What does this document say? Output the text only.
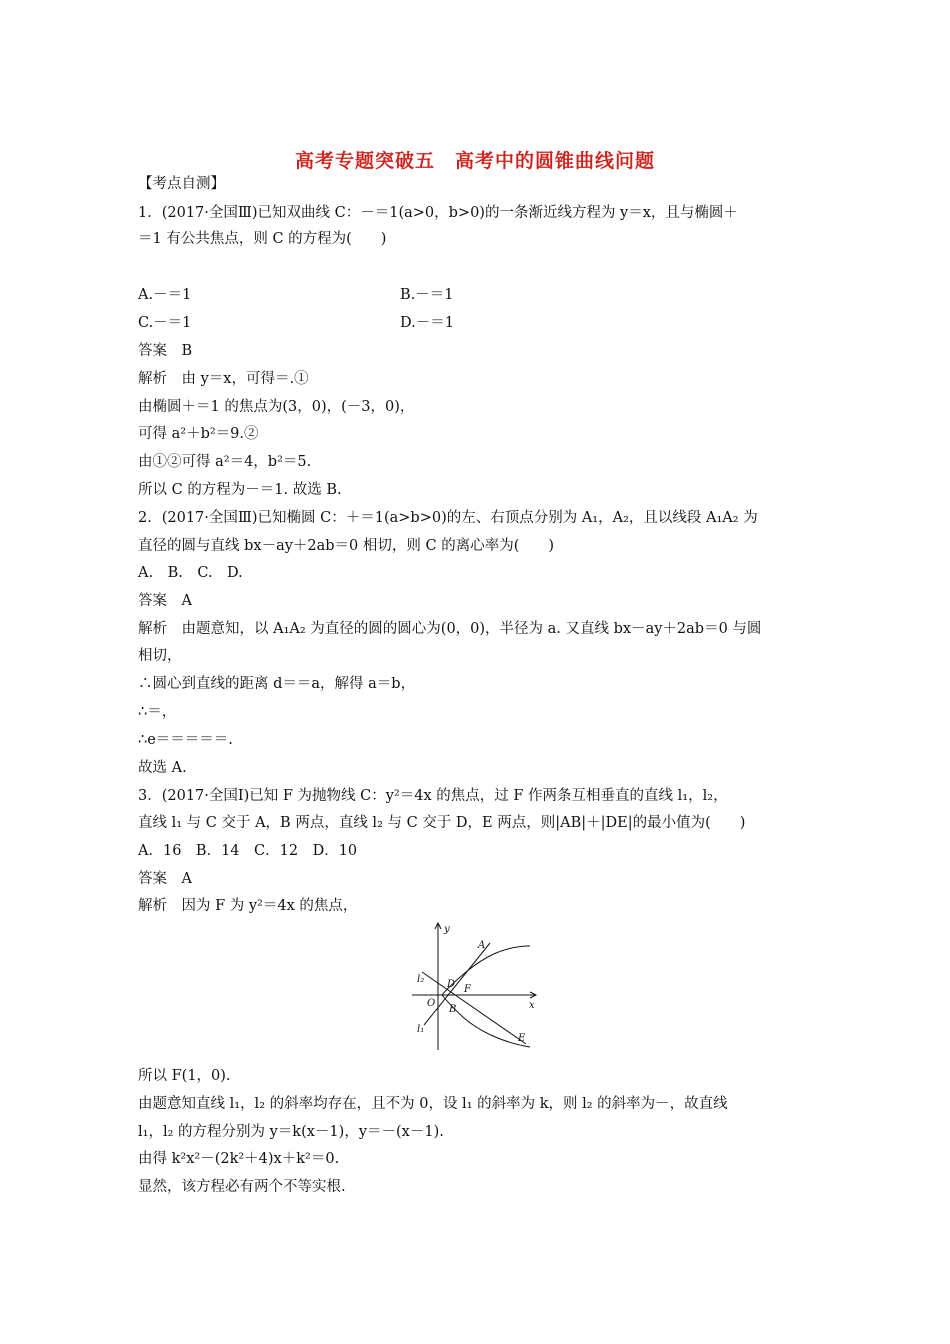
高考专题突破五　高考中的圆锥曲线问题
【考点自测】
1．(2017·全国Ⅲ)已知双曲线 C：－＝1(a>0，b>0)的一条渐近线方程为 y＝x，且与椭圆＋
＝1 有公共焦点，则 C 的方程为(　　)
A.－＝1	B.－＝1
C.－＝1	D.－＝1
答案　B
解析　由 y＝x，可得＝.①
由椭圆＋＝1 的焦点为(3，0)，(－3，0)，
可得 a²＋b²＝9.②
由①②可得 a²＝4，b²＝5.
所以 C 的方程为－＝1. 故选 B.
2．(2017·全国Ⅲ)已知椭圆 C：＋＝1(a>b>0)的左、右顶点分别为 A₁，A₂，且以线段 A₁A₂ 为
直径的圆与直线 bx－ay＋2ab＝0 相切，则 C 的离心率为(　　)
A.　B.　C.　D.
答案　A
解析　由题意知，以 A₁A₂ 为直径的圆的圆心为(0，0)，半径为 a. 又直线 bx－ay＋2ab＝0 与圆
相切，
∴圆心到直线的距离 d＝＝a，解得 a＝b，
∴＝，
∴e＝＝＝＝＝.
故选 A.
3．(2017·全国Ⅰ)已知 F 为抛物线 C：y²＝4x 的焦点，过 F 作两条互相垂直的直线 l₁，l₂，
直线 l₁ 与 C 交于 A，B 两点，直线 l₂ 与 C 交于 D，E 两点，则|AB|＋|DE|的最小值为(　　)
A．16　B．14　C．12　D．10
答案　A
解析　因为 F 为 y²＝4x 的焦点，
y
x
A
D F
O
B
E
l₂
l₁
所以 F(1，0).
由题意知直线 l₁，l₂ 的斜率均存在，且不为 0，设 l₁ 的斜率为 k，则 l₂ 的斜率为－，故直线
l₁，l₂ 的方程分别为 y＝k(x－1)，y＝－(x－1).
由得 k²x²－(2k²＋4)x＋k²＝0.
显然，该方程必有两个不等实根.
